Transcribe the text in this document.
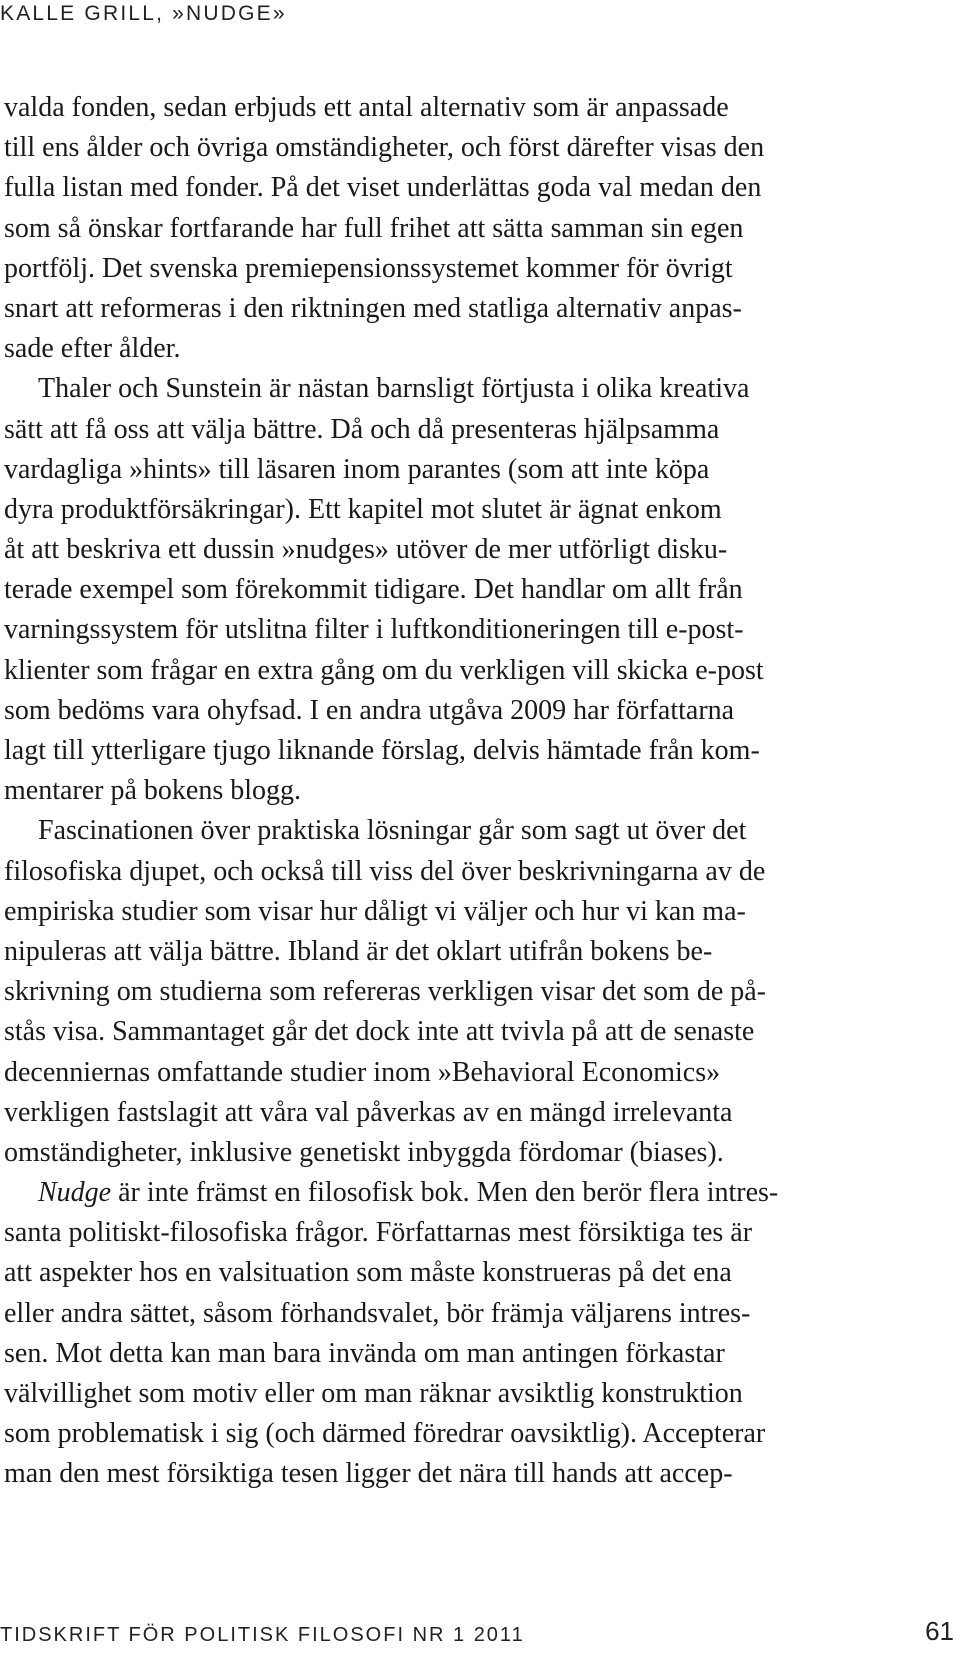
KALLE GRILL, »NUDGE»
valda fonden, sedan erbjuds ett antal alternativ som är anpassade
till ens ålder och övriga omständigheter, och först därefter visas den
fulla listan med fonder. På det viset underlättas goda val medan den
som så önskar fortfarande har full frihet att sätta samman sin egen
portfölj. Det svenska premiepensionssystemet kommer för övrigt
snart att reformeras i den riktningen med statliga alternativ anpas-
sade efter ålder.
Thaler och Sunstein är nästan barnsligt förtjusta i olika kreativa
sätt att få oss att välja bättre. Då och då presenteras hjälpsamma
vardagliga »hints» till läsaren inom parantes (som att inte köpa
dyra produktförsäkringar). Ett kapitel mot slutet är ägnat enkom
åt att beskriva ett dussin »nudges» utöver de mer utförligt disku-
terade exempel som förekommit tidigare. Det handlar om allt från
varningssystem för utslitna filter i luftkonditioneringen till e-post-
klienter som frågar en extra gång om du verkligen vill skicka e-post
som bedöms vara ohyfsad. I en andra utgåva 2009 har författarna
lagt till ytterligare tjugo liknande förslag, delvis hämtade från kom-
mentarer på bokens blogg.
Fascinationen över praktiska lösningar går som sagt ut över det
filosofiska djupet, och också till viss del över beskrivningarna av de
empiriska studier som visar hur dåligt vi väljer och hur vi kan ma-
nipuleras att välja bättre. Ibland är det oklart utifrån bokens be-
skrivning om studierna som refereras verkligen visar det som de på-
stås visa. Sammantaget går det dock inte att tvivla på att de senaste
decenniernas omfattande studier inom »Behavioral Economics»
verkligen fastslagit att våra val påverkas av en mängd irrelevanta
omständigheter, inklusive genetiskt inbyggda fördomar (biases).
Nudge är inte främst en filosofisk bok. Men den berör flera intres-
santa politiskt-filosofiska frågor. Författarnas mest försiktiga tes är
att aspekter hos en valsituation som måste konstrueras på det ena
eller andra sättet, såsom förhandsvalet, bör främja väljarens intres-
sen. Mot detta kan man bara invända om man antingen förkastar
välvillighet som motiv eller om man räknar avsiktlig konstruktion
som problematisk i sig (och därmed föredrar oavsiktlig). Accepterar
man den mest försiktiga tesen ligger det nära till hands att accep-
TIDSKRIFT FÖR POLITISK FILOSOFI NR 1 2011	61
